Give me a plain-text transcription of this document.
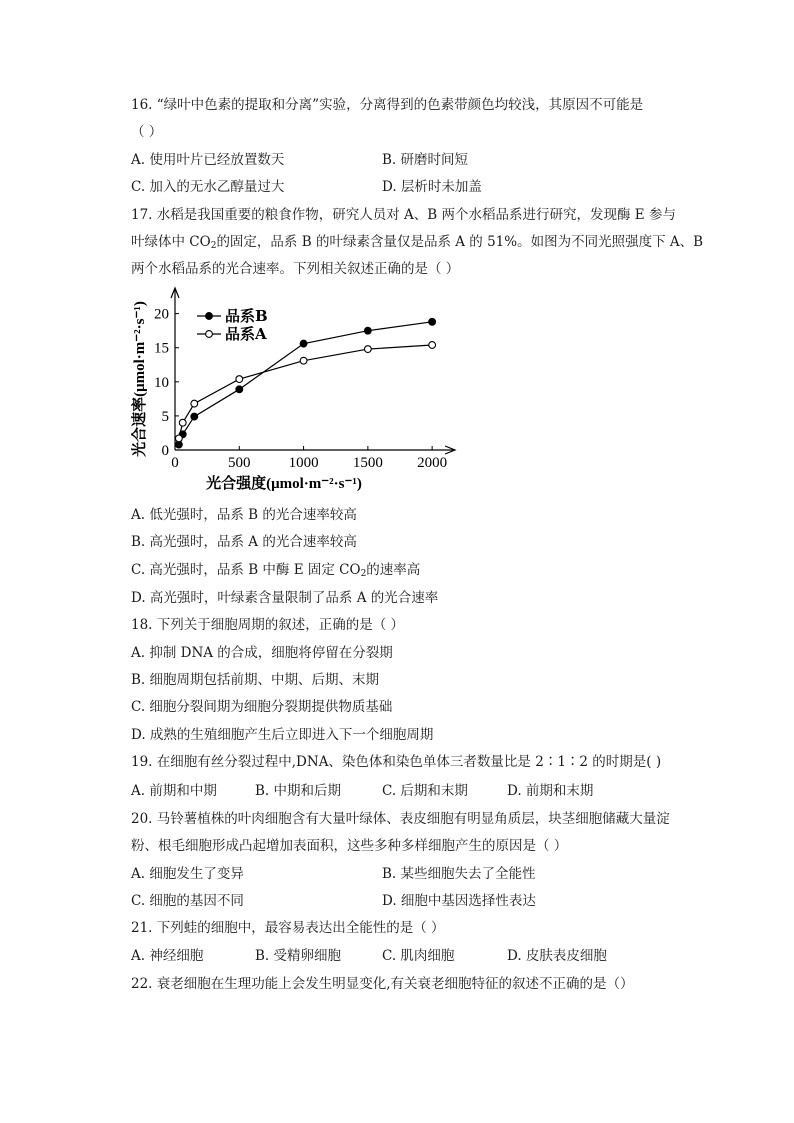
16. “绿叶中色素的提取和分离”实验，分离得到的色素带颜色均较浅，其原因不可能是
（ ）
A. 使用叶片已经放置数天	B. 研磨时间短
C. 加入的无水乙醇量过大	D. 层析时未加盖
17. 水稻是我国重要的粮食作物，研究人员对 A、B 两个水稻品系进行研究，发现酶 E 参与
叶绿体中 $CO_2$的固定，品系 B 的叶绿素含量仅是品系 A 的 51%。如图为不同光照强度下 A、B
两个水稻品系的光合速率。下列相关叙述正确的是（ ）
0
5
10
15
20
0	500	1000 1500 2000
光合强度(μmol·m⁻²·s⁻¹)
光合速率(μmol·m⁻²·s⁻¹)	品系B
品系A
A. 低光强时，品系 B 的光合速率较高
B. 高光强时，品系 A 的光合速率较高
C. 高光强时，品系 B 中酶 E 固定 $CO_2$的速率高
D. 高光强时，叶绿素含量限制了品系 A 的光合速率
18. 下列关于细胞周期的叙述，正确的是（ ）
A. 抑制 DNA 的合成，细胞将停留在分裂期
B. 细胞周期包括前期、中期、后期、末期
C. 细胞分裂间期为细胞分裂期提供物质基础
D. 成熟的生殖细胞产生后立即进入下一个细胞周期
19. 在细胞有丝分裂过程中,DNA、染色体和染色单体三者数量比是 2∶1∶2 的时期是( )
A. 前期和中期	B. 中期和后期	C. 后期和末期	D. 前期和末期
20. 马铃薯植株的叶肉细胞含有大量叶绿体、表皮细胞有明显角质层，块茎细胞储藏大量淀
粉、根毛细胞形成凸起增加表面积，这些多种多样细胞产生的原因是（ ）
A. 细胞发生了变异	B. 某些细胞失去了全能性
C. 细胞的基因不同	D. 细胞中基因选择性表达
21. 下列蛙的细胞中，最容易表达出全能性的是（ ）
A. 神经细胞	B. 受精卵细胞	C. 肌肉细胞	D. 皮肤表皮细胞
22. 衰老细胞在生理功能上会发生明显变化,有关衰老细胞特征的叙述不正确的是（）
